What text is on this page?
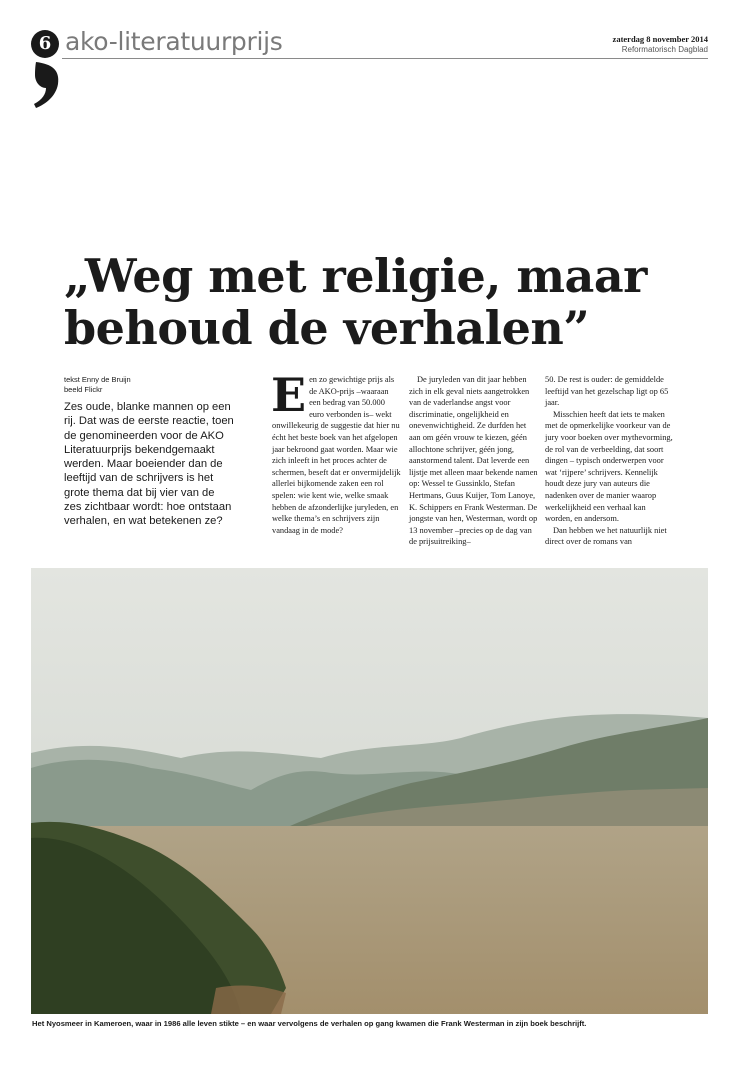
6 ako-literatuurprijs	zaterdag 8 november 2014
Reformatorisch Dagblad
„Weg met religie, maar
behoud de verhalen”
tekst Enny de Bruijn
beeld Flickr
Zes oude, blanke mannen op een rij. Dat was de eerste reactie, toen de genomineerden voor de AKO Literatuurprijs bekendgemaakt werden. Maar boeiender dan de leeftijd van de schrijvers is het grote thema dat bij vier van de zes zichtbaar wordt: hoe ontstaan verhalen, en wat betekenen ze?

Een zo gewichtige prijs als de AKO-prijs –waaraan een bedrag van 50.000 euro verbonden is– wekt onwillekeurig de suggestie dat hier nu écht het beste boek van het afgelopen jaar bekroond gaat worden. Maar wie zich inleeft in het proces achter de schermen, beseft dat er onvermijdelijk allerlei bijkomende zaken een rol spelen: wie kent wie, welke smaak hebben de afzonderlijke juryleden, en welke thema’s en schrijvers zijn vandaag in de mode?

De juryleden van dit jaar hebben zich in elk geval niets aangetrokken van de vaderlandse angst voor discriminatie, ongelijkheid en onevenwichtigheid. Ze durfden het aan om géén vrouw te kiezen, géén allochtone schrijver, géén jong, aanstormend talent. Dat leverde een lijstje met alleen maar bekende namen op: Wessel te Gussinklo, Stefan Hertmans, Guus Kuijer, Tom Lanoye, K. Schippers en Frank Westerman. De jongste van hen, Westerman, wordt op 13 november –precies op de dag van de prijsuitreiking–

50. De rest is ouder: de gemiddelde leeftijd van het gezelschap ligt op 65 jaar.

Misschien heeft dat iets te maken met de opmerkelijke voorkeur van de jury voor boeken over mythevorming, de rol van de verbeelding, dat soort dingen – typisch onderwerpen voor wat ‘rijpere’ schrijvers. Kennelijk houdt deze jury van auteurs die nadenken over de manier waarop werkelijkheid een verhaal kan worden, en andersom.

Dan hebben we het natuurlijk niet direct over de romans van

Het Nyosmeer in Kameroen, waar in 1986 alle leven stikte – en waar vervolgens de verhalen op gang kwamen die Frank Westerman in zijn boek beschrijft.
